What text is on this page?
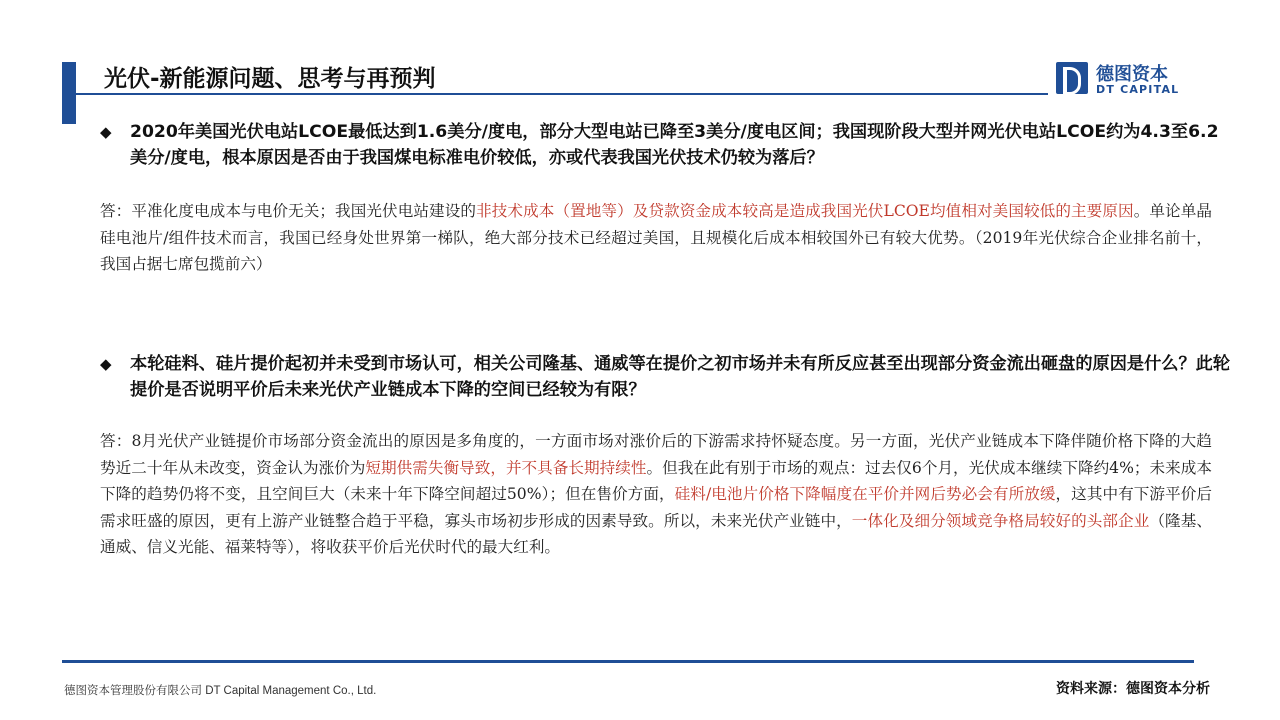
光伏-新能源问题、思考与再预判	德图资本
DT CAPITAL
◆	2020年美国光伏电站LCOE最低达到1.6美分/度电，部分大型电站已降至3美分/度电区间；我国现阶段大型并网光伏电站LCOE约为4.3至6.2美分/度电，根本原因是否由于我国煤电标准电价较低，亦或代表我国光伏技术仍较为落后？
答：平准化度电成本与电价无关；我国光伏电站建设的非技术成本（置地等）及贷款资金成本较高是造成我国光伏LCOE均值相对美国较低的主要原因。单论单晶硅电池片/组件技术而言，我国已经身处世界第一梯队，绝大部分技术已经超过美国，且规模化后成本相较国外已有较大优势。（2019年光伏综合企业排名前十，我国占据七席包揽前六）
◆	本轮硅料、硅片提价起初并未受到市场认可，相关公司隆基、通威等在提价之初市场并未有所反应甚至出现部分资金流出砸盘的原因是什么？此轮提价是否说明平价后未来光伏产业链成本下降的空间已经较为有限？
答：8月光伏产业链提价市场部分资金流出的原因是多角度的，一方面市场对涨价后的下游需求持怀疑态度。另一方面，光伏产业链成本下降伴随价格下降的大趋势近二十年从未改变，资金认为涨价为短期供需失衡导致，并不具备长期持续性。但我在此有别于市场的观点：过去仅6个月，光伏成本继续下降约4%；未来成本下降的趋势仍将不变，且空间巨大（未来十年下降空间超过50%）；但在售价方面，硅料/电池片价格下降幅度在平价并网后势必会有所放缓，这其中有下游平价后需求旺盛的原因，更有上游产业链整合趋于平稳，寡头市场初步形成的因素导致。所以，未来光伏产业链中，一体化及细分领域竞争格局较好的头部企业（隆基、通威、信义光能、福莱特等），将收获平价后光伏时代的最大红利。
德图资本管理股份有限公司 DT Capital Management Co., Ltd.	资料来源：德图资本分析
